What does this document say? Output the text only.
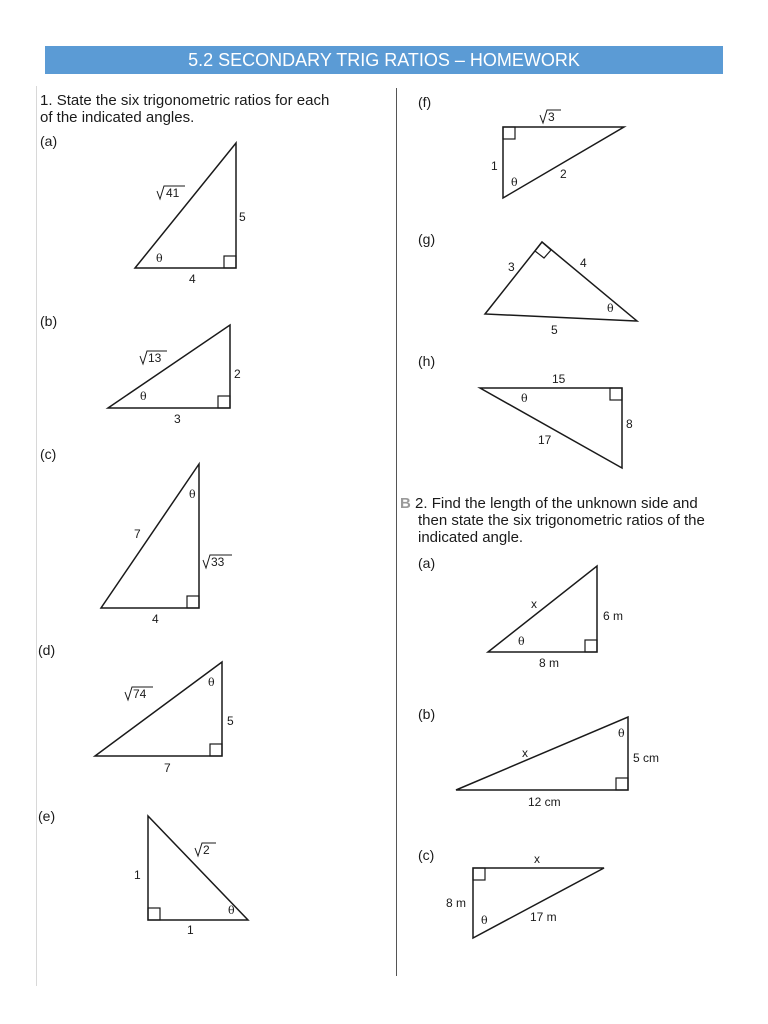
5.2 SECONDARY TRIG RATIOS – HOMEWORK
1. State the six trigonometric ratios for each
of the indicated angles.
B 2. Find the length of the unknown side and
then state the six trigonometric ratios of the
indicated angle.
(a)
(b)
(c)
(d)
(e)
(f)
(g)
(h)
(a)
(b)
(c)
41
5
4
θ
13
2
3
θ
7
33
4
θ
74
5
7
θ
2
1
1
θ
3
1
2
θ
3	4
5
θ
15
8
17
θ
x
6 m
8 m
θ
x	5 cm
12 cm
θ
x
8 m
17 m
θ
